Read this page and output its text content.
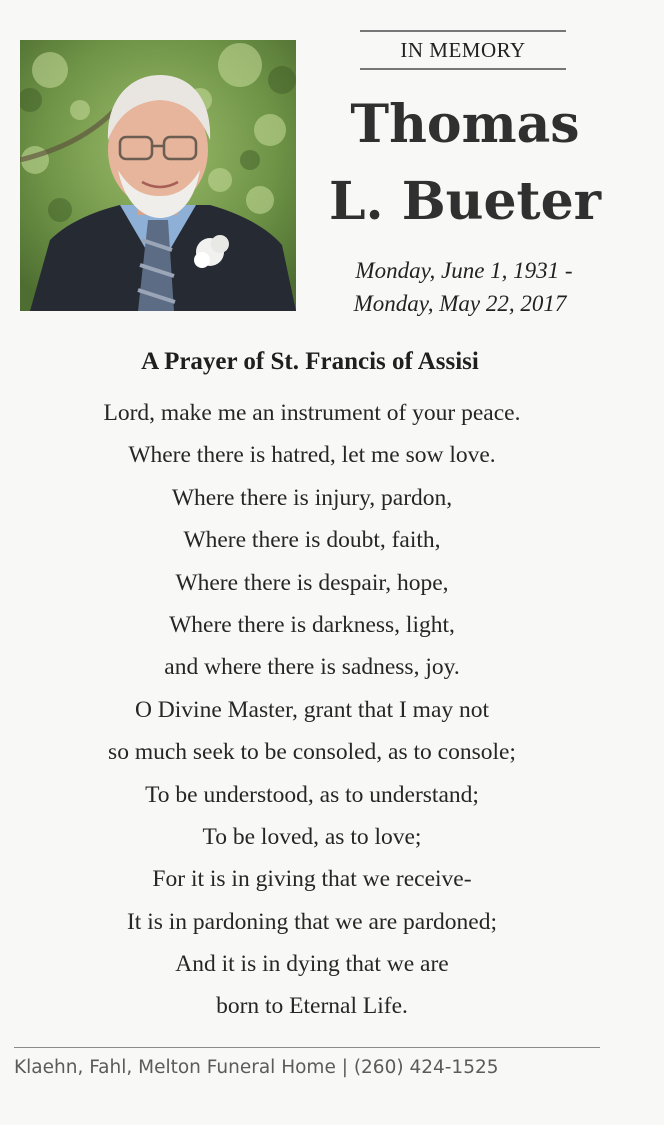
IN MEMORY
Thomas
L. Bueter
Monday, June 1, 1931 -
Monday, May 22, 2017
A Prayer of St. Francis of Assisi
Lord, make me an instrument of your peace.
Where there is hatred, let me sow love.
Where there is injury, pardon,
Where there is doubt, faith,
Where there is despair, hope,
Where there is darkness, light,
and where there is sadness, joy.
O Divine Master, grant that I may not
so much seek to be consoled, as to console;
To be understood, as to understand;
To be loved, as to love;
For it is in giving that we receive-
It is in pardoning that we are pardoned;
And it is in dying that we are
born to Eternal Life.
Klaehn, Fahl, Melton Funeral Home | (260) 424-1525
